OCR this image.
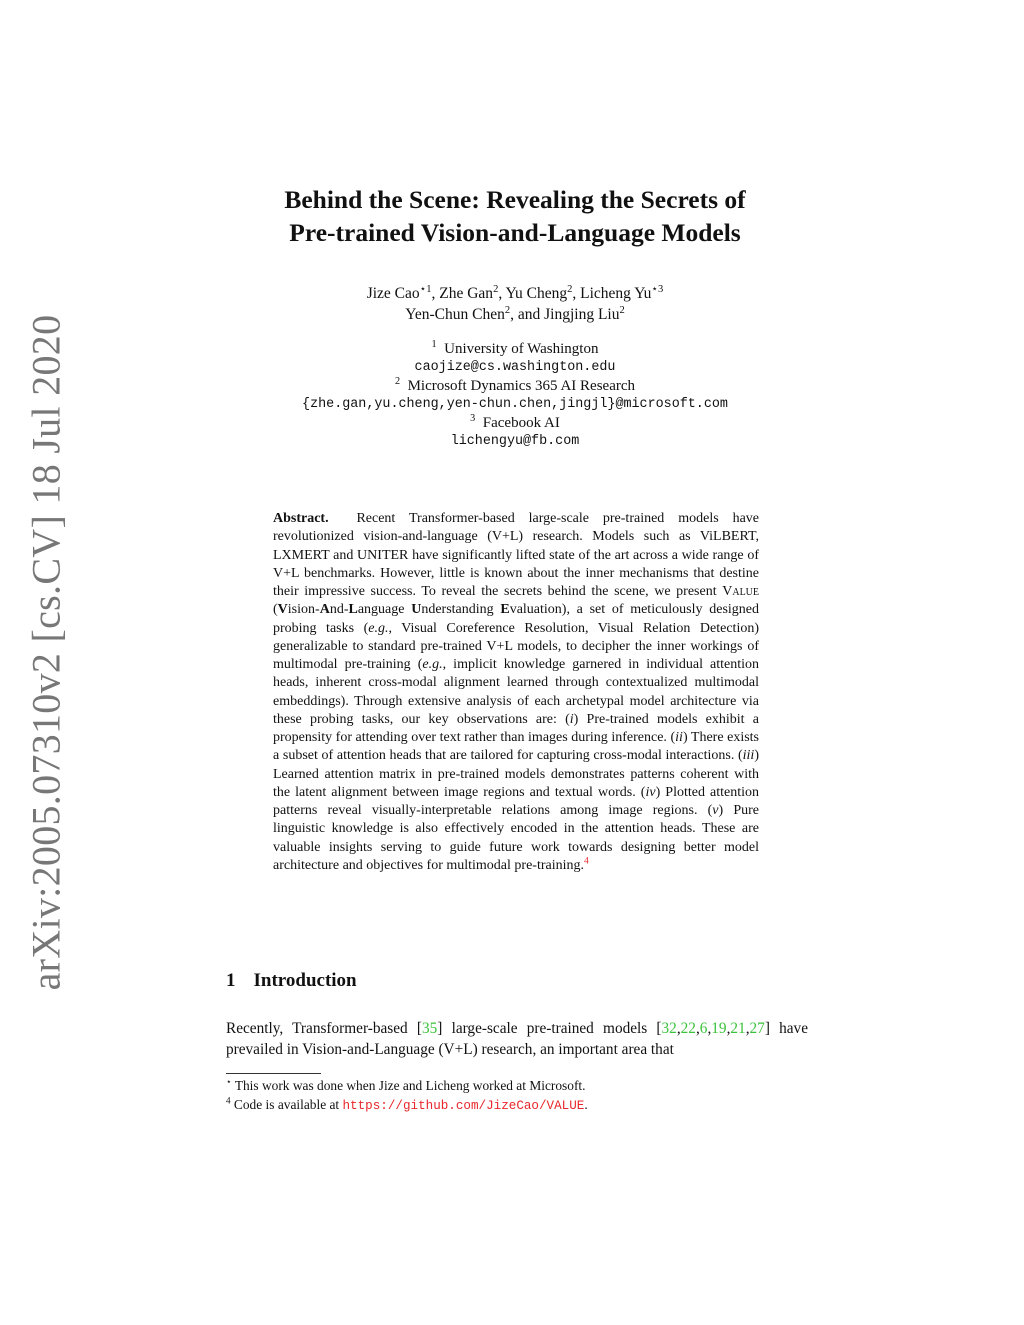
arXiv:2005.07310v2 [cs.CV] 18 Jul 2020
Behind the Scene: Revealing the Secrets of
Pre-trained Vision-and-Language Models
Jize Cao$^{⋆1}$, Zhe Gan$^2$, Yu Cheng$^2$, Licheng $Yu^{⋆3}$
Yen-Chun Chen$^2$, and Jingjing Liu$^2$
$^1$ University of Washington
caojize@cs.washington.edu
$^2$ Microsoft Dynamics 365 AI Research
{zhe.gan,yu.cheng,yen-chun.chen,jingjl}@microsoft.com
$^3$ Facebook AI
lichengyu@fb.com
Abstract. Recent Transformer-based large-scale pre-trained models have revolutionized vision-and-language (V+L) research. Models such as ViLBERT, LXMERT and UNITER have significantly lifted state of the art across a wide range of V+L benchmarks. However, little is known about the inner mechanisms that destine their impressive success. To reveal the secrets behind the scene, we present Value (Vision-And-Language Understanding Evaluation), a set of meticulously designed probing tasks (e.g., Visual Coreference Resolution, Visual Relation Detection) generalizable to standard pre-trained V+L models, to decipher the inner workings of multimodal pre-training (e.g., implicit knowledge garnered in individual attention heads, inherent cross-modal alignment learned through contextualized multimodal embeddings). Through extensive analysis of each archetypal model architecture via these probing tasks, our key observations are: (i) Pre-trained models exhibit a propensity for attending over text rather than images during inference. (ii) There exists a subset of attention heads that are tailored for capturing cross-modal interactions. (iii) Learned attention matrix in pre-trained models demonstrates patterns coherent with the latent alignment between image regions and textual words. (iv) Plotted attention patterns reveal visually-interpretable relations among image regions. (v) Pure linguistic knowledge is also effectively encoded in the attention heads. These are valuable insights serving to guide future work towards designing better model architecture and objectives for multimodal pre-training.$^4$
1 Introduction
Recently, Transformer-based [35] large-scale pre-trained models [32,22,6,19,21,27] have prevailed in Vision-and-Language (V+L) research, an important area that
⋆ This work was done when Jize and Licheng worked at Microsoft.
$^4$ Code is available at https://github.com/JizeCao/VALUE.
